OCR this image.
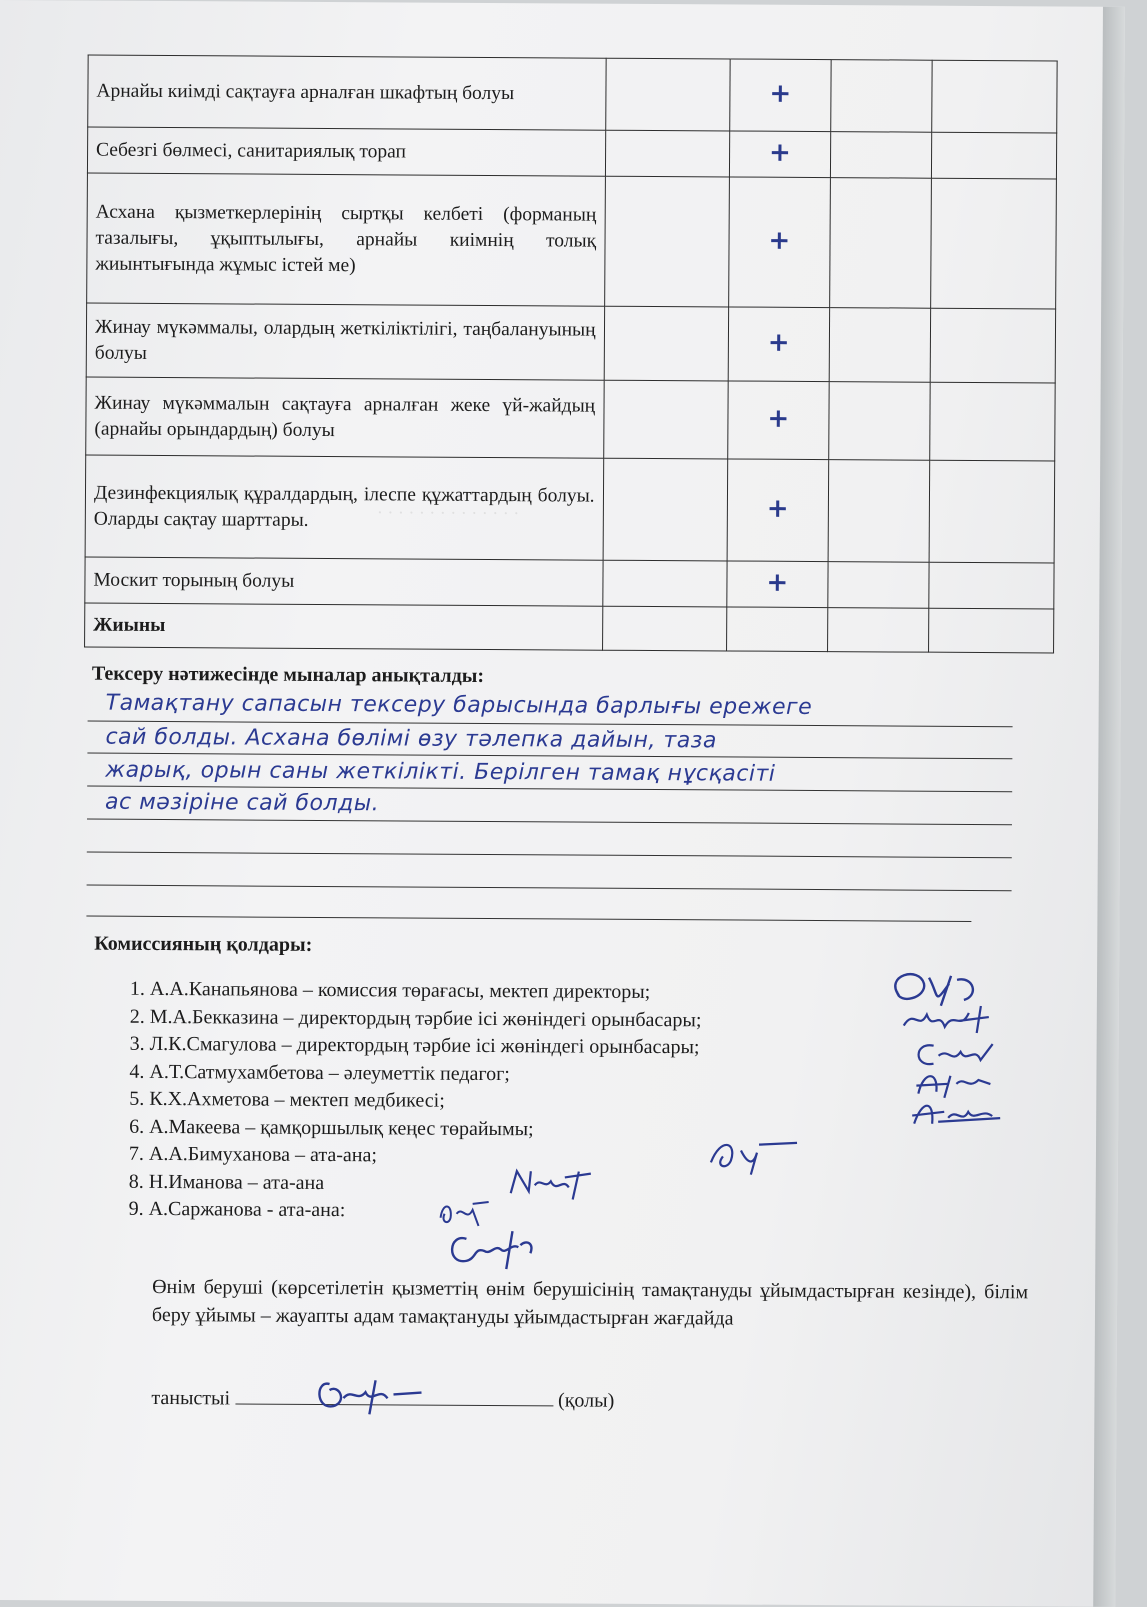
· · · · · · · · · · · · · ·
Арнайы киімді сақтауға арналған шкафтың болуы		+		
Себезгі бөлмесі, санитариялық торап		+		
Асхана қызметкерлерінің сыртқы келбеті (форманың тазалығы, ұқыптылығы, арнайы киімнің толық жиынтығында жұмыс істей ме)		+		
Жинау мүкәммалы, олардың жеткіліктілігі, таңбалануының болуы		+		
Жинау мүкәммалын сақтауға арналған жеке үй-жайдың (арнайы орындардың) болуы		+		
Дезинфекциялық құралдардың, ілеспе құжаттардың болуы. Оларды сақтау шарттары.		+		
Москит торының болуы		+		
Жиыны				
Тексеру нәтижесінде мыналар анықталды:
Тамақтану сапасын тексеру барысында барлығы ережеге
сай болды. Асхана бөлімі өзу тәлепка дайын, таза
жарық, орын саны жеткілікті. Берілген тамақ нұсқасіті
ас мәзіріне сай болды.
Комиссияның қолдары:
1. А.А.Канапьянова – комиссия төрағасы, мектеп директоры;
2. М.А.Бекказина – директордың тәрбие ісі жөніндегі орынбасары;
3. Л.К.Смагулова – директордың тәрбие ісі жөніндегі орынбасары;
4. А.Т.Сатмухамбетова – әлеуметтік педагог;
5. К.Х.Ахметова – мектеп медбикесі;
6. А.Макеева – қамқоршылық кеңес төрайымы;
7. А.А.Бимуханова – ата-ана;
8. Н.Иманова – ата-ана
9. А.Саржанова - ата-ана:
Өнім беруші (көрсетілетін қызметтің өнім берушісінің тамақтануды ұйымдастырған кезінде), білім беру ұйымы – жауапты адам тамақтануды ұйымдастырған жағдайда
таныстыі	(қолы)
